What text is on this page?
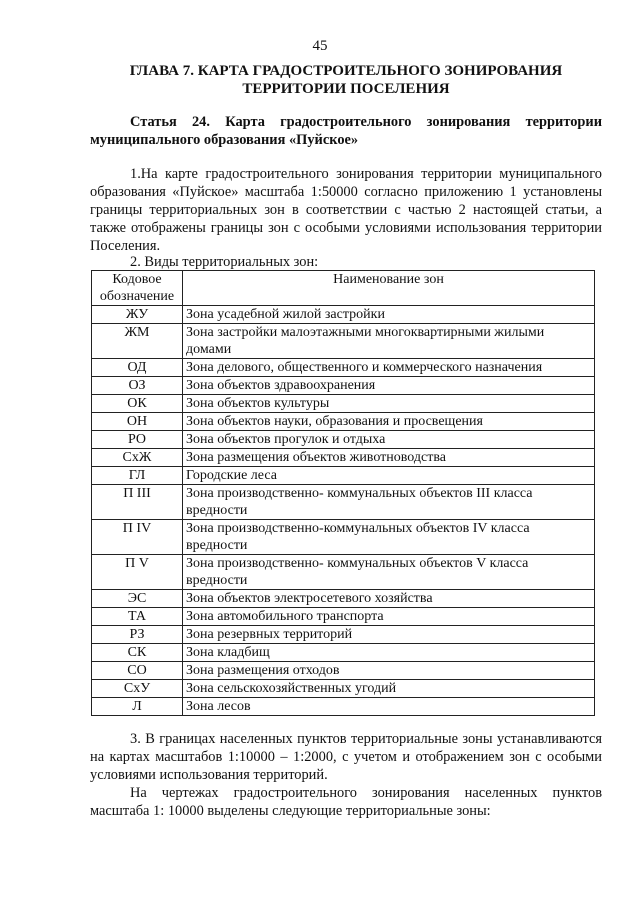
45
ГЛАВА 7. КАРТА ГРАДОСТРОИТЕЛЬНОГО ЗОНИРОВАНИЯ ТЕРРИТОРИИ ПОСЕЛЕНИЯ
Статья 24. Карта градостроительного зонирования территории муниципального образования «Пуйское»
1.На карте градостроительного зонирования территории муниципального образования «Пуйское» масштаба 1:50000 согласно приложению 1 установлены границы территориальных зон в соответствии с частью 2 настоящей статьи, а также отображены границы зон с особыми условиями использования территории Поселения.
2. Виды территориальных зон:
Кодовое обозначение	Наименование зон
ЖУ	Зона усадебной жилой застройки
ЖМ	Зона застройки малоэтажными многоквартирными жилыми домами
ОД	Зона делового, общественного и коммерческого назначения
ОЗ	Зона объектов здравоохранения
ОК	Зона объектов культуры
ОН	Зона объектов науки, образования и просвещения
РО	Зона объектов прогулок и отдыха
СхЖ	Зона размещения объектов животноводства
ГЛ	Городские леса
П III	Зона производственно- коммунальных объектов III класса вредности
П IV	Зона производственно-коммунальных объектов IV класса вредности
П V	Зона производственно- коммунальных объектов V класса вредности
ЭС	Зона объектов электросетевого хозяйства
ТА	Зона автомобильного транспорта
РЗ	Зона резервных территорий
СК	Зона кладбищ
СО	Зона размещения отходов
СхУ	Зона сельскохозяйственных угодий
Л	Зона лесов
3. В границах населенных пунктов территориальные зоны устанавливаются на картах масштабов 1:10000 – 1:2000, с учетом и отображением зон с особыми условиями использования территорий.
На чертежах градостроительного зонирования населенных пунктов масштаба 1: 10000 выделены следующие территориальные зоны:
